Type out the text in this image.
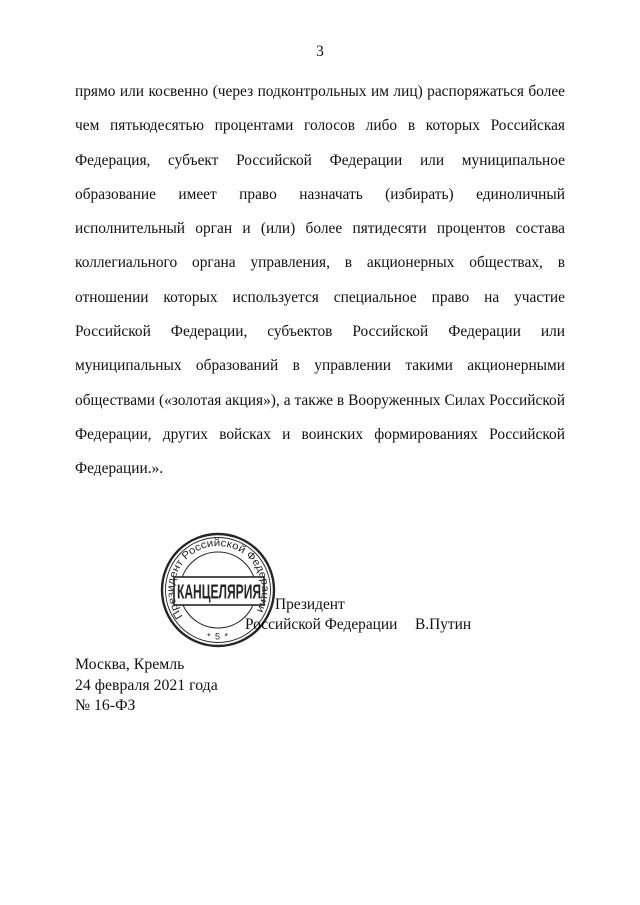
3
прямо или косвенно (через подконтрольных им лиц) распоряжаться более
чем пятьюдесятью процентами голосов либо в которых Российская
Федерация, субъект Российской Федерации или муниципальное
образование имеет право назначать (избирать) единоличный
исполнительный орган и (или) более пятидесяти процентов состава
коллегиального органа управления, в акционерных обществах, в
отношении которых используется специальное право на участие
Российской Федерации, субъектов Российской Федерации или
муниципальных образований в управлении такими акционерными
обществами («золотая акция»), а также в Вооруженных Силах Российской
Федерации, других войсках и воинских формированиях Российской
Федерации.».
Президент
Российской Федерации В.Путин
Президент Российской Федерации
КАНЦЕЛЯРИЯ
* 5 *
Москва, Кремль
24 февраля 2021 года
№ 16-ФЗ
